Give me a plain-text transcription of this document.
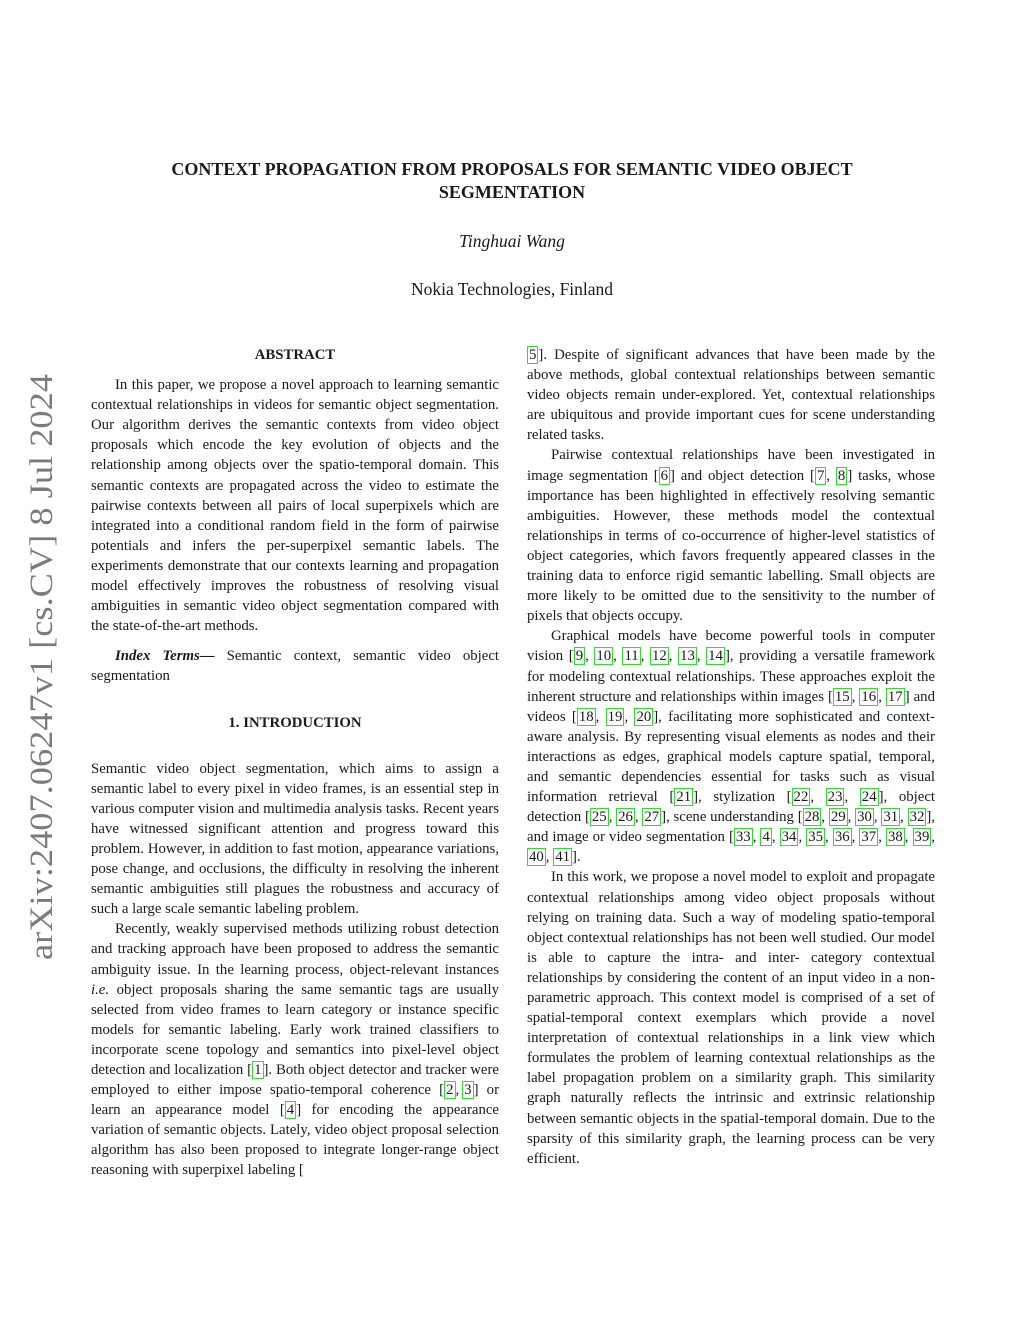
arXiv:2407.06247v1 [cs.CV] 8 Jul 2024
CONTEXT PROPAGATION FROM PROPOSALS FOR SEMANTIC VIDEO OBJECT SEGMENTATION

Tinghuai Wang

Nokia Technologies, Finland

ABSTRACT

In this paper, we propose a novel approach to learning semantic contextual relationships in videos for semantic object segmentation. Our algorithm derives the semantic contexts from video object proposals which encode the key evolution of objects and the relationship among objects over the spatio-temporal domain. This semantic contexts are propagated across the video to estimate the pairwise contexts between all pairs of local superpixels which are integrated into a conditional random field in the form of pairwise potentials and infers the per-superpixel semantic labels. The experiments demonstrate that our contexts learning and propagation model effectively improves the robustness of resolving visual ambiguities in semantic video object segmentation compared with the state-of-the-art methods.

Index Terms— Semantic context, semantic video object segmentation

1. INTRODUCTION

Semantic video object segmentation, which aims to assign a semantic label to every pixel in video frames, is an essential step in various computer vision and multimedia analysis tasks. Recent years have witnessed significant attention and progress toward this problem. However, in addition to fast motion, appearance variations, pose change, and occlusions, the difficulty in resolving the inherent semantic ambiguities still plagues the robustness and accuracy of such a large scale semantic labeling problem.

Recently, weakly supervised methods utilizing robust detection and tracking approach have been proposed to address the semantic ambiguity issue. In the learning process, object-relevant instances i.e. object proposals sharing the same semantic tags are usually selected from video frames to learn category or instance specific models for semantic labeling. Early work trained classifiers to incorporate scene topology and semantics into pixel-level object detection and localization [ 1 ]. Both object detector and tracker were employed to either impose spatio-temporal coherence [ 2 , 3 ] or learn an appearance model [ 4 ] for encoding the appearance variation of semantic objects. Lately, video object proposal selection algorithm has also been proposed to integrate longer-range object reasoning with superpixel labeling [

5 ]. Despite of significant advances that have been made by the above methods, global contextual relationships between semantic video objects remain under-explored. Yet, contextual relationships are ubiquitous and provide important cues for scene understanding related tasks.

Pairwise contextual relationships have been investigated in image segmentation [ 6 ] and object detection [ 7 , 8 ] tasks, whose importance has been highlighted in effectively resolving semantic ambiguities. However, these methods model the contextual relationships in terms of co-occurrence of higher-level statistics of object categories, which favors frequently appeared classes in the training data to enforce rigid semantic labelling. Small objects are more likely to be omitted due to the sensitivity to the number of pixels that objects occupy.

Graphical models have become powerful tools in computer vision [ 9 , 10 , 11 , 12 , 13 , 14 ], providing a versatile framework for modeling contextual relationships. These approaches exploit the inherent structure and relationships within images [ 15 , 16 , 17 ] and videos [ 18 , 19 , 20 ], facilitating more sophisticated and context-aware analysis. By representing visual elements as nodes and their interactions as edges, graphical models capture spatial, temporal, and semantic dependencies essential for tasks such as visual information retrieval [ 21 ], stylization [ 22 , 23 , 24 ], object detection [ 25 , 26 , 27 ], scene understanding [ 28 , 29 , 30 , 31 , 32 ], and image or video segmentation [ 33 , 4 , 34 , 35 , 36 , 37 , 38 , 39 , 40 , 41 ].

In this work, we propose a novel model to exploit and propagate contextual relationships among video object proposals without relying on training data. Such a way of modeling spatio-temporal object contextual relationships has not been well studied. Our model is able to capture the intra- and inter- category contextual relationships by considering the content of an input video in a non-parametric approach. This context model is comprised of a set of spatial-temporal context exemplars which provide a novel interpretation of contextual relationships in a link view which formulates the problem of learning contextual relationships as the label propagation problem on a similarity graph. This similarity graph naturally reflects the intrinsic and extrinsic relationship between semantic objects in the spatial-temporal domain. Due to the sparsity of this similarity graph, the learning process can be very efficient.
